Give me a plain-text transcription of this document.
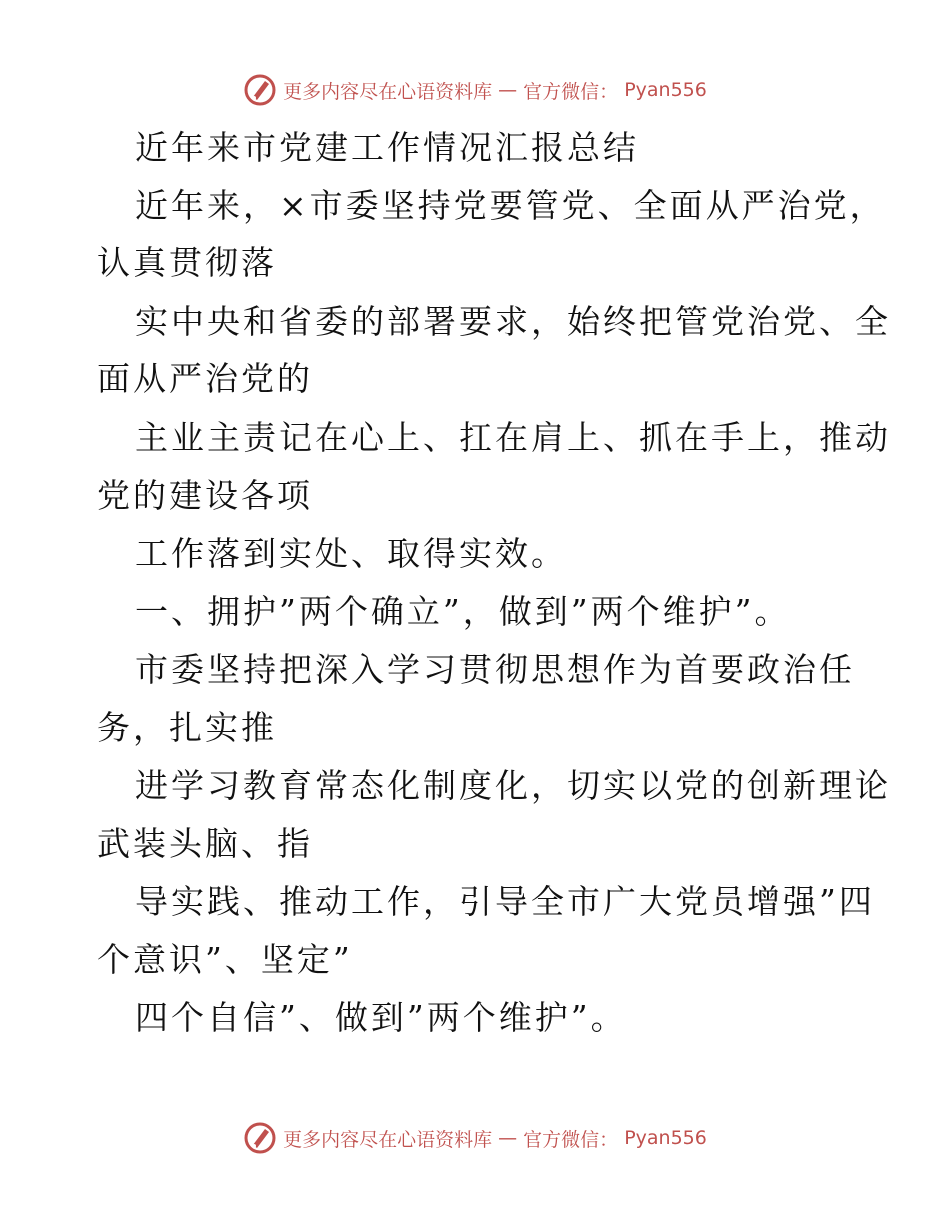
更多内容尽在心语资料库 — 官方微信： Pyan556
近年来市党建工作情况汇报总结
近年来，×市委坚持党要管党、全面从严治党，
认真贯彻落
实中央和省委的部署要求，始终把管党治党、全
面从严治党的
主业主责记在心上、扛在肩上、抓在手上，推动
党的建设各项
工作落到实处、取得实效。
一、拥护”两个确立”，做到”两个维护”。
市委坚持把深入学习贯彻思想作为首要政治任
务，扎实推
进学习教育常态化制度化，切实以党的创新理论
武装头脑、指
导实践、推动工作，引导全市广大党员增强”四
个意识”、坚定”
四个自信”、做到”两个维护”。
更多内容尽在心语资料库 — 官方微信： Pyan556
